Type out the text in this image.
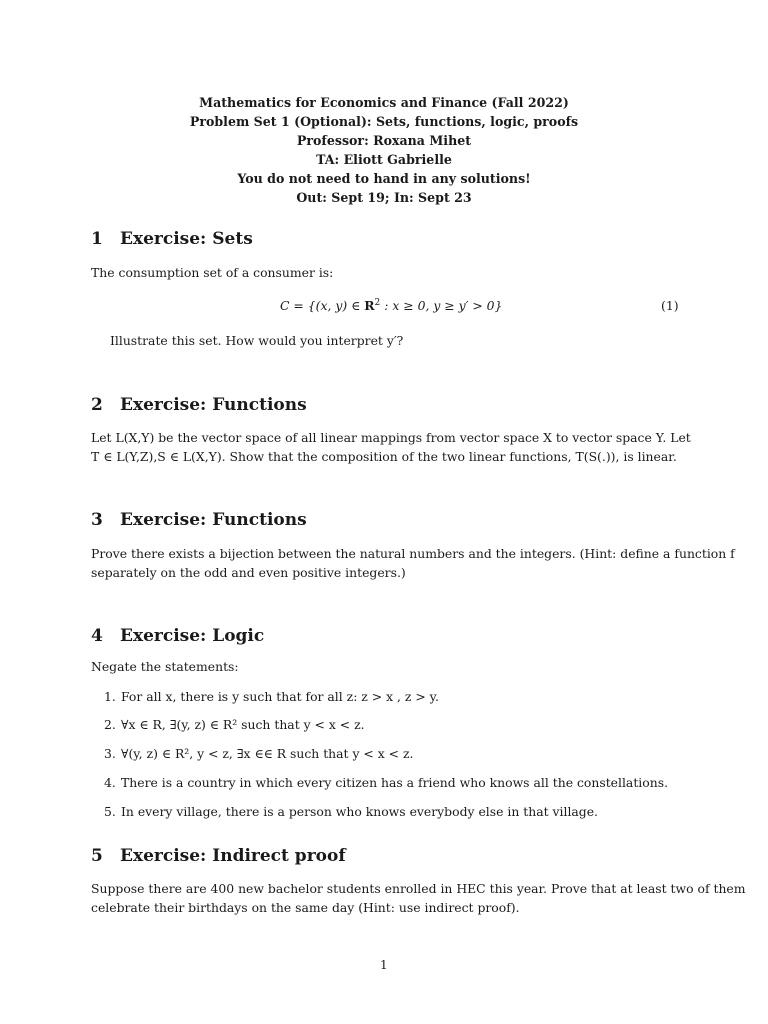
Mathematics for Economics and Finance (Fall 2022)
Problem Set 1 (Optional): Sets, functions, logic, proofs
Professor: Roxana Mihet
TA: Eliott Gabrielle
You do not need to hand in any solutions!
Out: Sept 19; In: Sept 23
1 Exercise: Sets
The consumption set of a consumer is:
C = {(x, y) ∈ $R^2$ : x ≥ 0, y ≥ y′ > 0}	(1)
Illustrate this set. How would you interpret y′?
2 Exercise: Functions
Let L(X,Y) be the vector space of all linear mappings from vector space X to vector space Y. Let
T ∈ L(Y,Z),S ∈ L(X,Y). Show that the composition of the two linear functions, T(S(.)), is linear.
3 Exercise: Functions
Prove there exists a bijection between the natural numbers and the integers. (Hint: define a function f
separately on the odd and even positive integers.)
4 Exercise: Logic
Negate the statements:
1. For all x, there is y such that for all z: z > x , z > y.
2. ∀x ∈ R, ∃(y, z) ∈ R² such that y < x < z.
3. ∀(y, z) ∈ R², y < z, ∃x ∈∈ R such that y < x < z.
4. There is a country in which every citizen has a friend who knows all the constellations.
5. In every village, there is a person who knows everybody else in that village.
5 Exercise: Indirect proof
Suppose there are 400 new bachelor students enrolled in HEC this year. Prove that at least two of them
celebrate their birthdays on the same day (Hint: use indirect proof).
1
